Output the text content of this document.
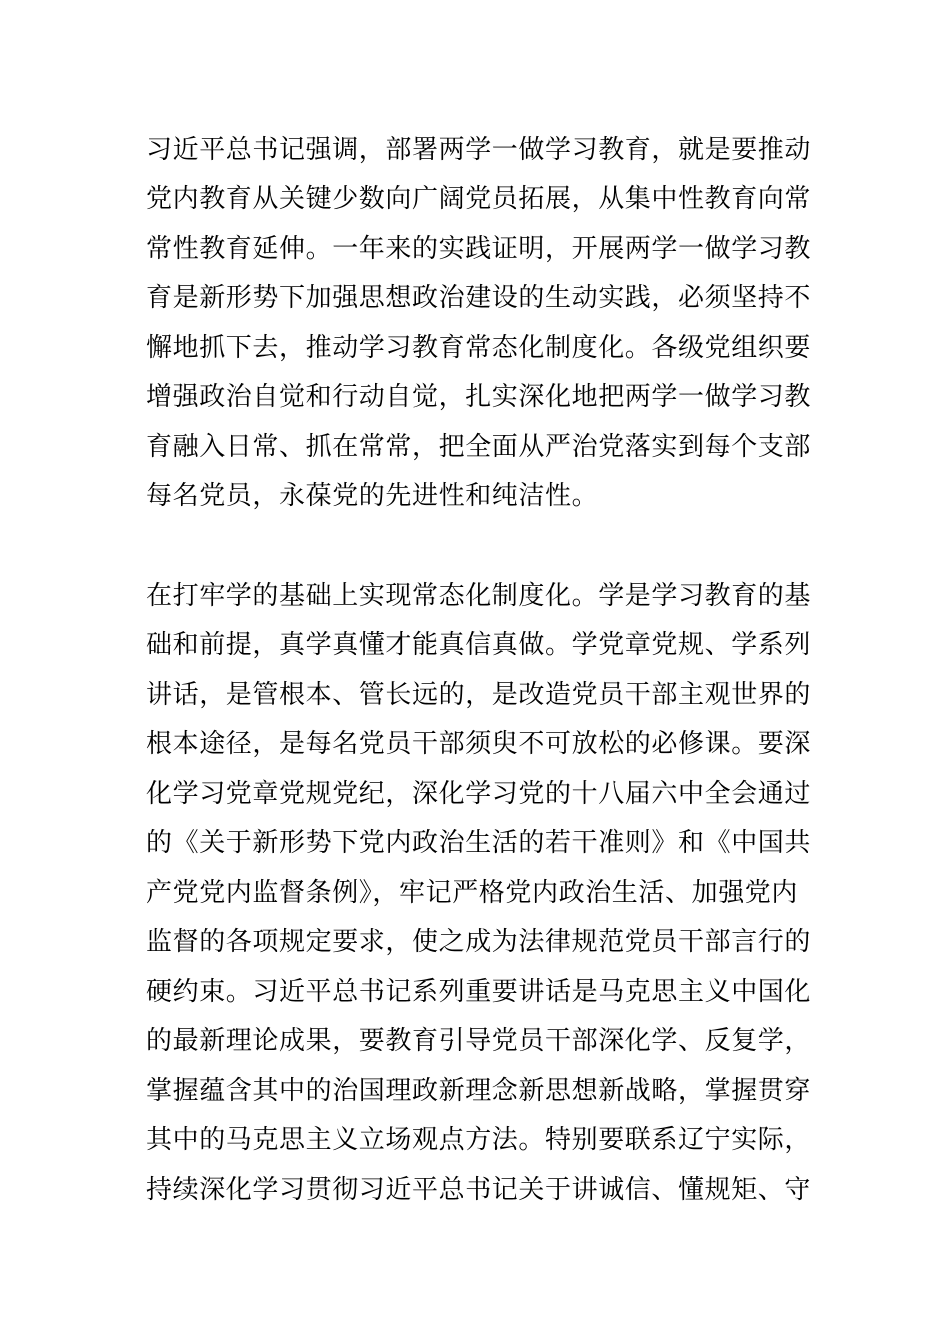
习近平总书记强调，部署两学一做学习教育，就是要推动
党内教育从关键少数向广阔党员拓展，从集中性教育向常
常性教育延伸。一年来的实践证明，开展两学一做学习教
育是新形势下加强思想政治建设的生动实践，必须坚持不
懈地抓下去，推动学习教育常态化制度化。各级党组织要
增强政治自觉和行动自觉，扎实深化地把两学一做学习教
育融入日常、抓在常常，把全面从严治党落实到每个支部
每名党员，永葆党的先进性和纯洁性。
在打牢学的基础上实现常态化制度化。学是学习教育的基
础和前提，真学真懂才能真信真做。学党章党规、学系列
讲话，是管根本、管长远的，是改造党员干部主观世界的
根本途径，是每名党员干部须臾不可放松的必修课。要深
化学习党章党规党纪，深化学习党的十八届六中全会通过
的《关于新形势下党内政治生活的若干准则》和《中国共
产党党内监督条例》，牢记严格党内政治生活、加强党内
监督的各项规定要求，使之成为法律规范党员干部言行的
硬约束。习近平总书记系列重要讲话是马克思主义中国化
的最新理论成果，要教育引导党员干部深化学、反复学，
掌握蕴含其中的治国理政新理念新思想新战略，掌握贯穿
其中的马克思主义立场观点方法。特别要联系辽宁实际，
持续深化学习贯彻习近平总书记关于讲诚信、懂规矩、守
